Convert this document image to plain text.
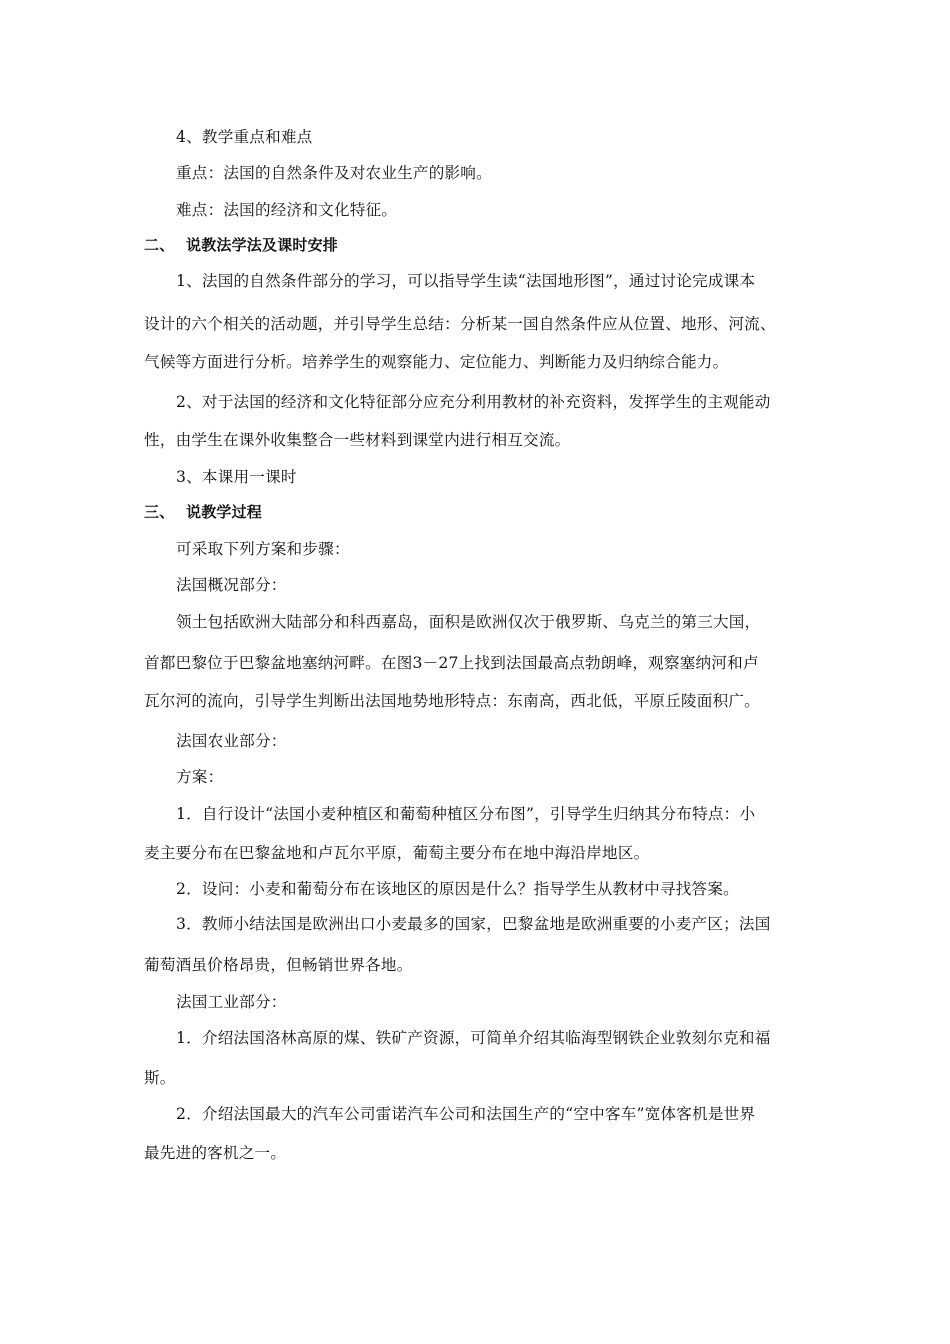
4、教学重点和难点
重点：法国的自然条件及对农业生产的影响。
难点：法国的经济和文化特征。
二、 说教法学法及课时安排
1、法国的自然条件部分的学习，可以指导学生读“法国地形图”，通过讨论完成课本
设计的六个相关的活动题，并引导学生总结：分析某一国自然条件应从位置、地形、河流、
气候等方面进行分析。培养学生的观察能力、定位能力、判断能力及归纳综合能力。
2、对于法国的经济和文化特征部分应充分利用教材的补充资料，发挥学生的主观能动
性，由学生在课外收集整合一些材料到课堂内进行相互交流。
3、本课用一课时
三、 说教学过程
可采取下列方案和步骤：
法国概况部分：
领土包括欧洲大陆部分和科西嘉岛，面积是欧洲仅次于俄罗斯、乌克兰的第三大国，
首都巴黎位于巴黎盆地塞纳河畔。在图3－27上找到法国最高点勃朗峰，观察塞纳河和卢
瓦尔河的流向，引导学生判断出法国地势地形特点：东南高，西北低，平原丘陵面积广。
法国农业部分：
方案：
1．自行设计“法国小麦种植区和葡萄种植区分布图”，引导学生归纳其分布特点：小
麦主要分布在巴黎盆地和卢瓦尔平原，葡萄主要分布在地中海沿岸地区。
2．设问：小麦和葡萄分布在该地区的原因是什么？指导学生从教材中寻找答案。
3．教师小结法国是欧洲出口小麦最多的国家，巴黎盆地是欧洲重要的小麦产区；法国
葡萄酒虽价格昂贵，但畅销世界各地。
法国工业部分：
1．介绍法国洛林高原的煤、铁矿产资源，可简单介绍其临海型钢铁企业敦刻尔克和福
斯。
2．介绍法国最大的汽车公司雷诺汽车公司和法国生产的“空中客车”宽体客机是世界
最先进的客机之一。
